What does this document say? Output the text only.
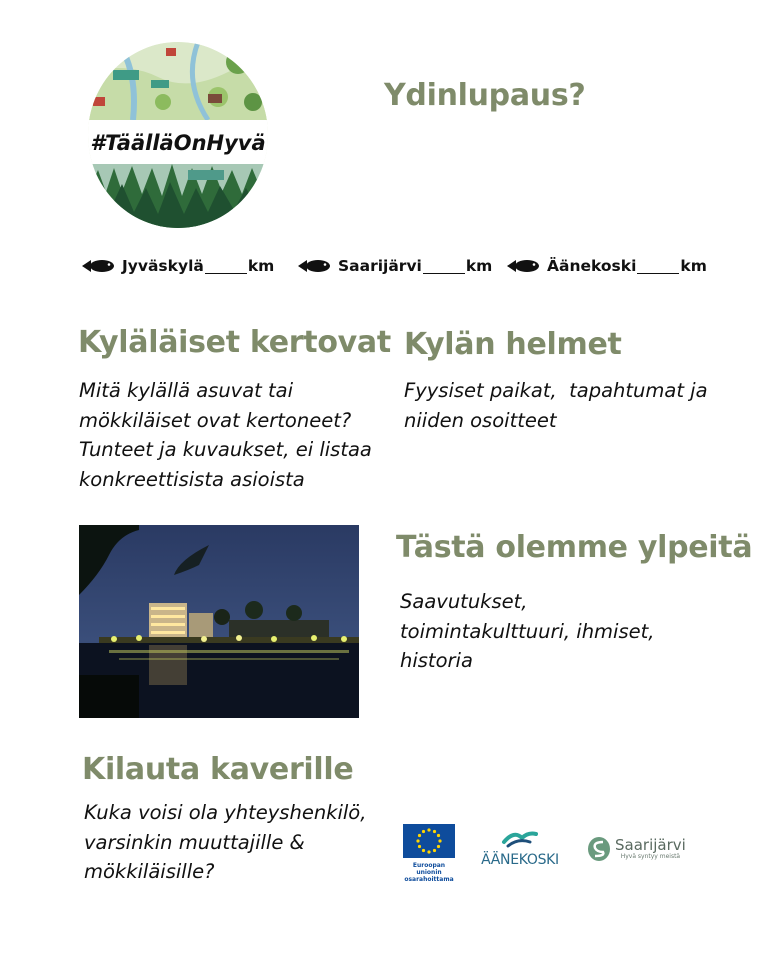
#TäälläOnHyvä
Ydinlupaus?
Jyväskylä	km	Saarijärvi	km	Äänekoski	km
Kyläläiset kertovat
Mitä kylällä asuvat tai
mökkiläiset ovat kertoneet?
Tunteet ja kuvaukset, ei listaa
konkreettisista asioista
Kylän helmet
Fyysiset paikat,  tapahtumat ja
niiden osoitteet
Tästä olemme ylpeitä
Saavutukset,
toimintakulttuuri, ihmiset,
historia
Kilauta kaverille
Kuka voisi ola yhteyshenkilö,
varsinkin muuttajille &
mökkiläisille?	Euroopan unionin
osarahoittama
ÄÄNEKOSKI
Saarijärvi
Hyvä syntyy meistä
